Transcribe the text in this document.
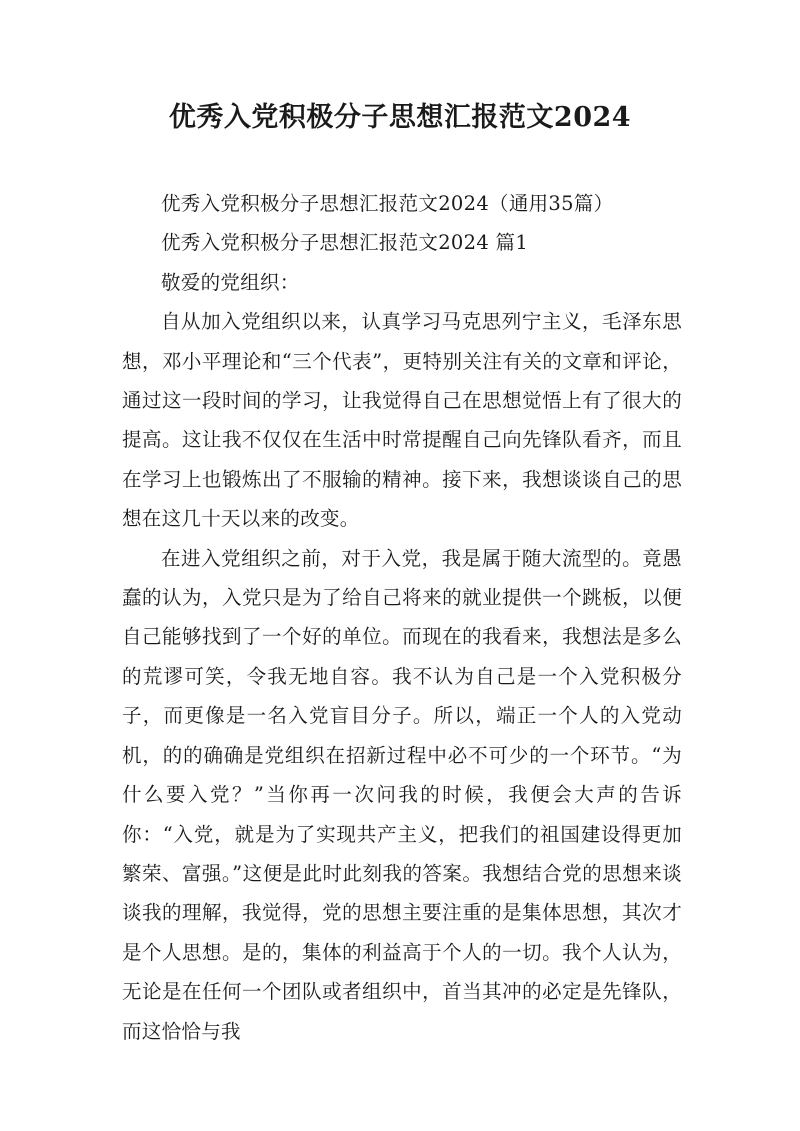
优秀入党积极分子思想汇报范文2024

优秀入党积极分子思想汇报范文2024（通用35篇）

优秀入党积极分子思想汇报范文2024 篇1

敬爱的党组织：

自从加入党组织以来，认真学习马克思列宁主义，毛泽东思想，邓小平理论和“三个代表”，更特别关注有关的文章和评论，通过这一段时间的学习，让我觉得自己在思想觉悟上有了很大的提高。这让我不仅仅在生活中时常提醒自己向先锋队看齐，而且在学习上也锻炼出了不服输的精神。接下来，我想谈谈自己的思想在这几十天以来的改变。

在进入党组织之前，对于入党，我是属于随大流型的。竟愚蠢的认为，入党只是为了给自己将来的就业提供一个跳板，以便自己能够找到了一个好的单位。而现在的我看来，我想法是多么的荒谬可笑，令我无地自容。我不认为自己是一个入党积极分子，而更像是一名入党盲目分子。所以，端正一个人的入党动机，的的确确是党组织在招新过程中必不可少的一个环节。“为什么要入党？”当你再一次问我的时候，我便会大声的告诉你：“入党，就是为了实现共产主义，把我们的祖国建设得更加繁荣、富强。”这便是此时此刻我的答案。我想结合党的思想来谈谈我的理解，我觉得，党的思想主要注重的是集体思想，其次才是个人思想。是的，集体的利益高于个人的一切。我个人认为，无论是在任何一个团队或者组织中，首当其冲的必定是先锋队，而这恰恰与我
